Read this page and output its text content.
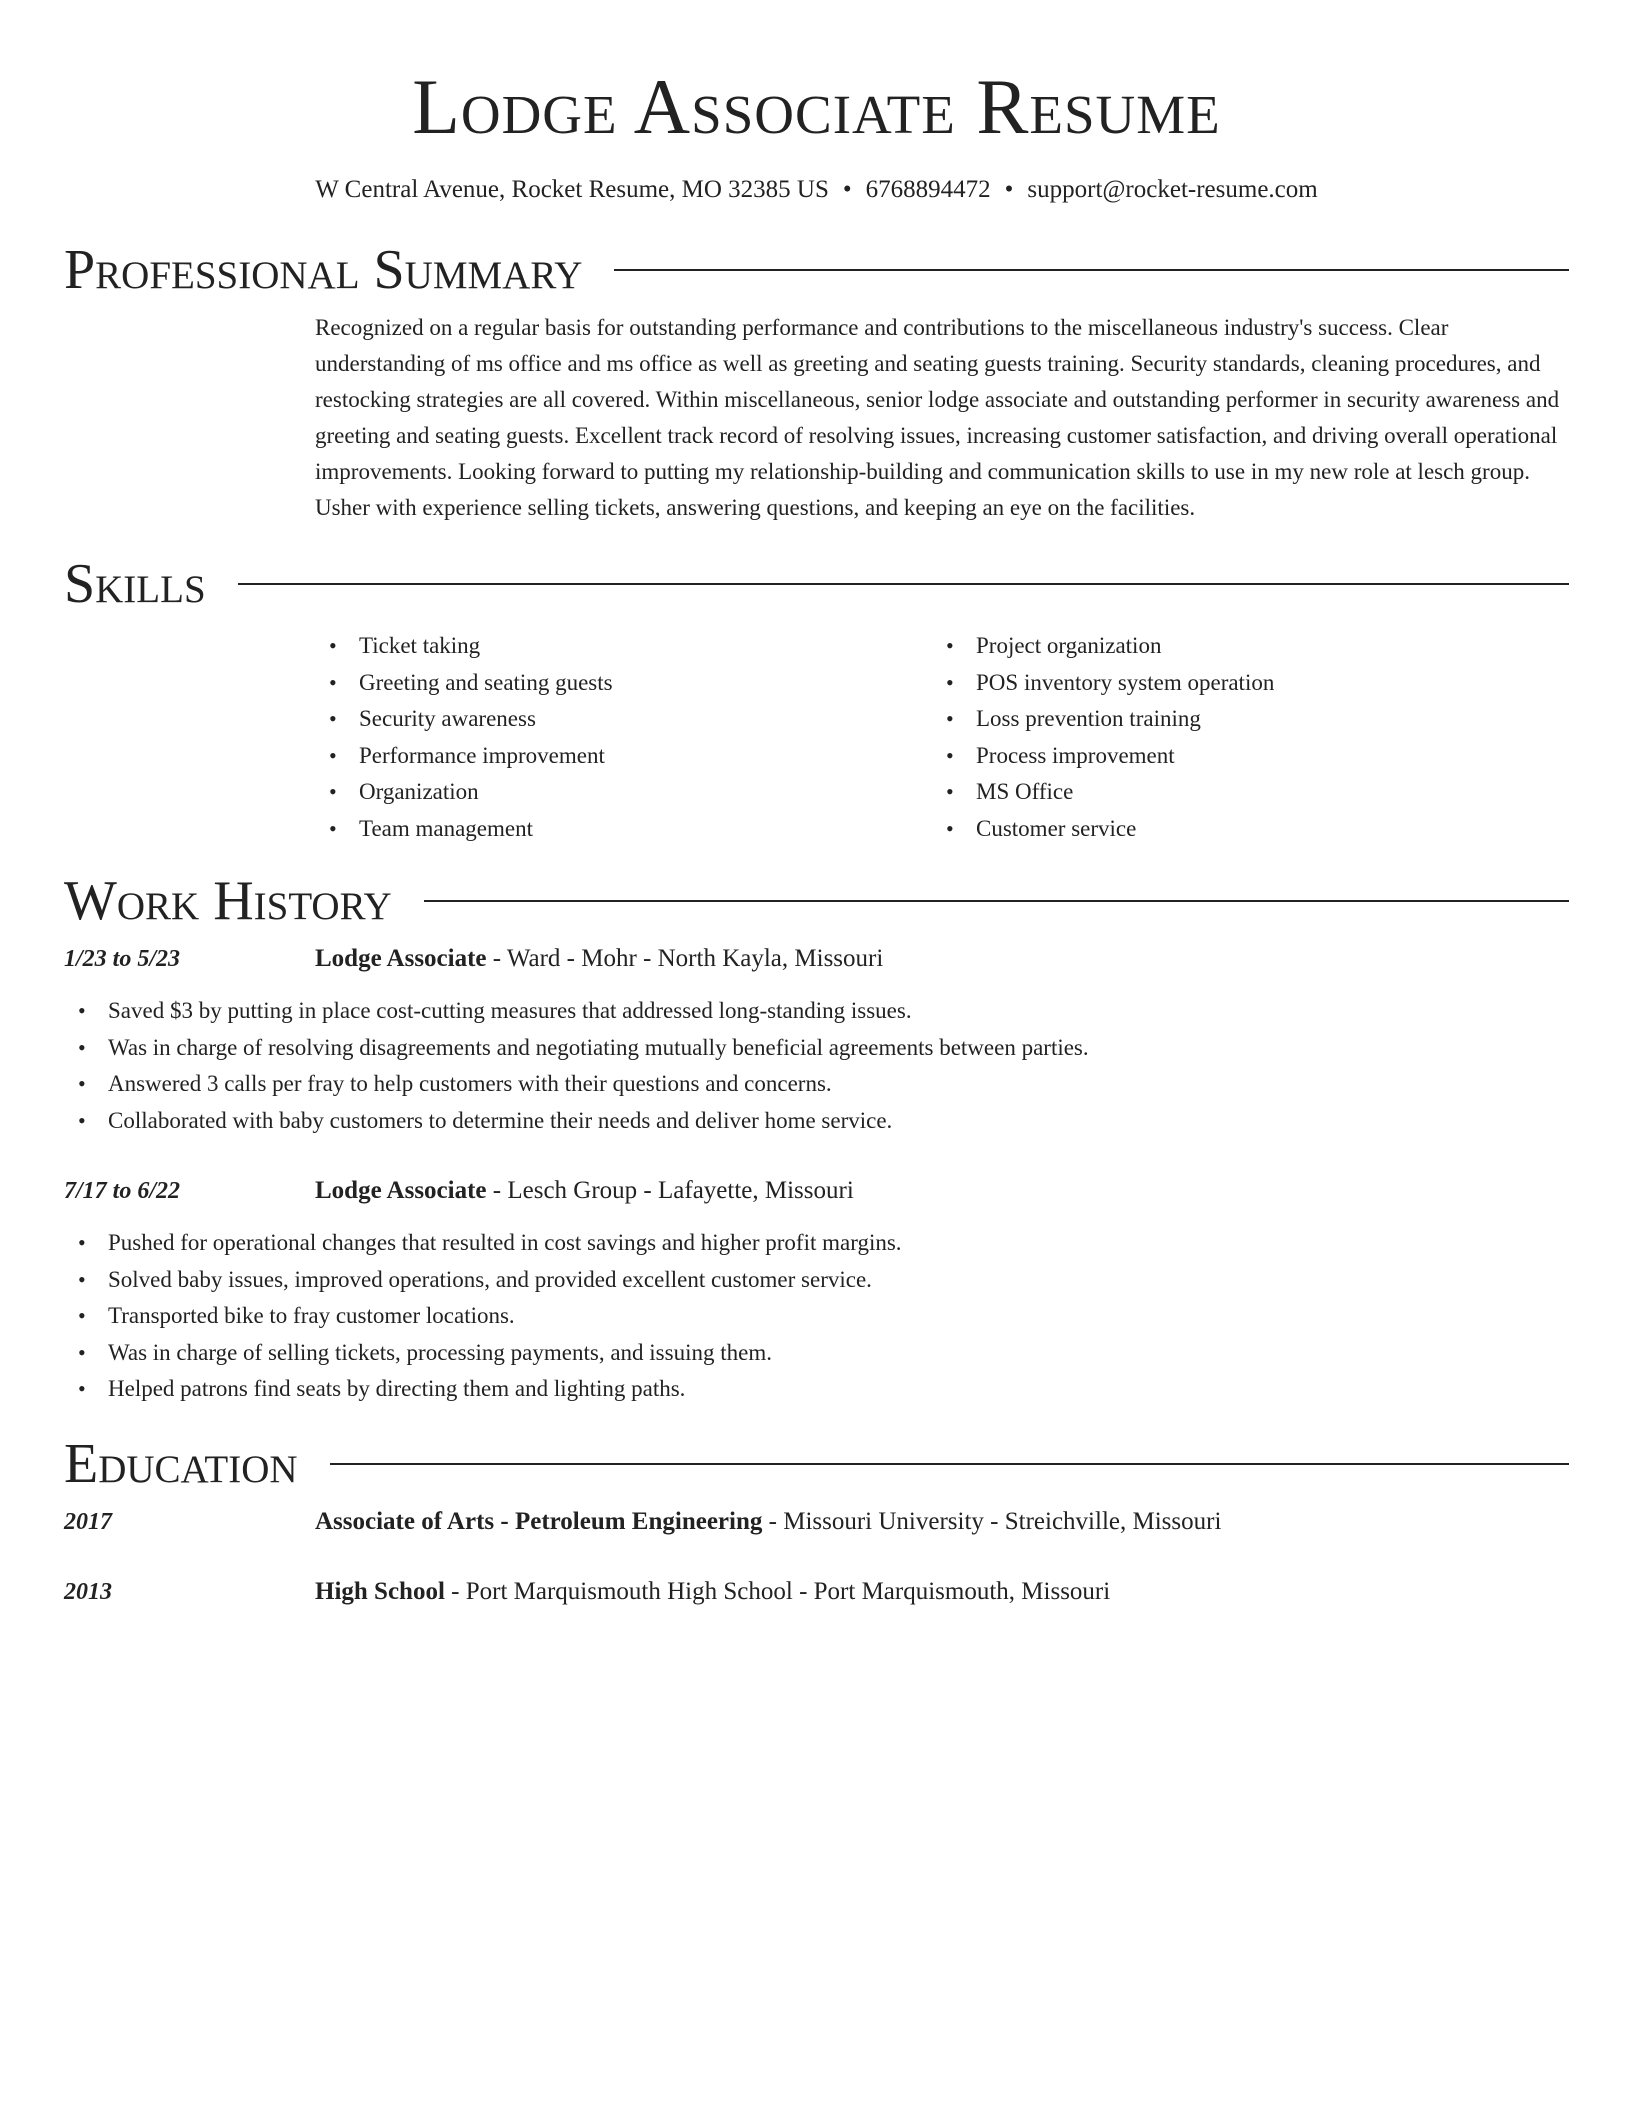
Lodge Associate Resume
W Central Avenue, Rocket Resume, MO 32385 US • 6768894472 • support@rocket-resume.com
Professional Summary
Recognized on a regular basis for outstanding performance and contributions to the miscellaneous industry's success. Clear understanding of ms office and ms office as well as greeting and seating guests training. Security standards, cleaning procedures, and restocking strategies are all covered. Within miscellaneous, senior lodge associate and outstanding performer in security awareness and greeting and seating guests. Excellent track record of resolving issues, increasing customer satisfaction, and driving overall operational improvements. Looking forward to putting my relationship-building and communication skills to use in my new role at lesch group. Usher with experience selling tickets, answering questions, and keeping an eye on the facilities.
Skills
• Ticket taking
• Greeting and seating guests
• Security awareness
• Performance improvement
• Organization
• Team management
• Project organization
• POS inventory system operation
• Loss prevention training
• Process improvement
• MS Office
• Customer service
Work History
1/23 to 5/23	Lodge Associate - Ward - Mohr - North Kayla, Missouri
• Saved $3 by putting in place cost-cutting measures that addressed long-standing issues.
• Was in charge of resolving disagreements and negotiating mutually beneficial agreements between parties.
• Answered 3 calls per fray to help customers with their questions and concerns.
• Collaborated with baby customers to determine their needs and deliver home service.
7/17 to 6/22	Lodge Associate - Lesch Group - Lafayette, Missouri
• Pushed for operational changes that resulted in cost savings and higher profit margins.
• Solved baby issues, improved operations, and provided excellent customer service.
• Transported bike to fray customer locations.
• Was in charge of selling tickets, processing payments, and issuing them.
• Helped patrons find seats by directing them and lighting paths.
Education
2017	Associate of Arts - Petroleum Engineering - Missouri University - Streichville, Missouri
2013	High School - Port Marquismouth High School - Port Marquismouth, Missouri
